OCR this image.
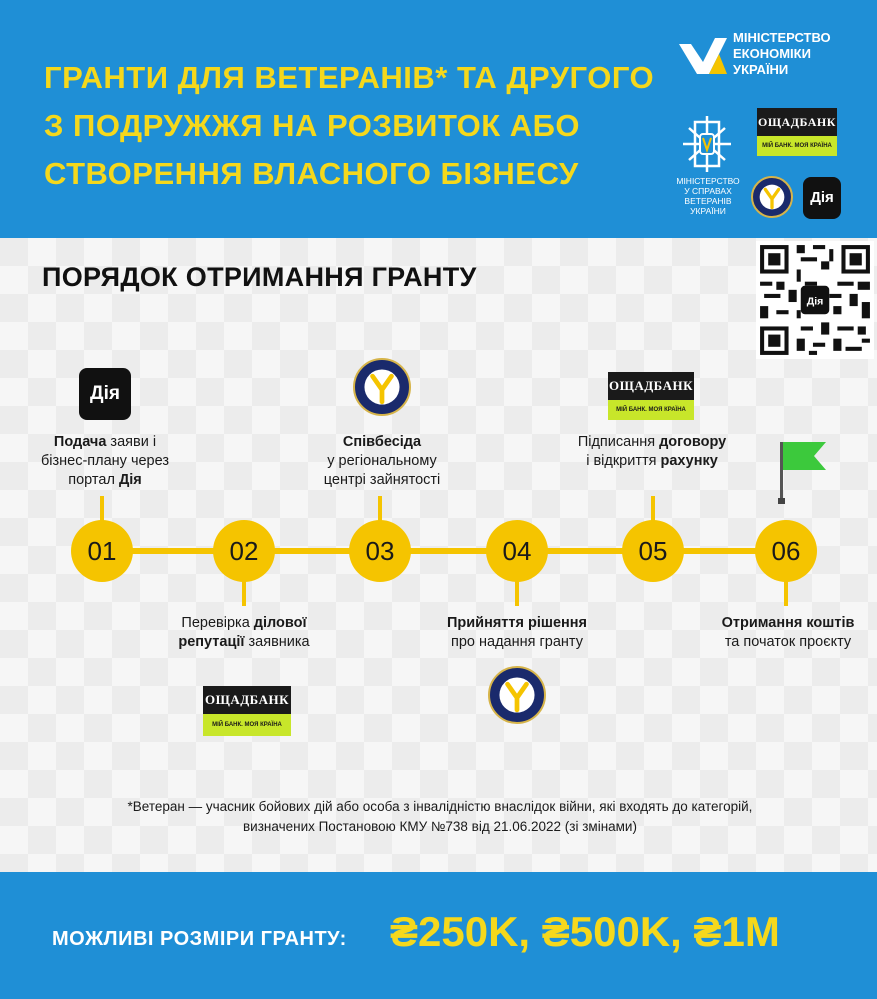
ГРАНТИ ДЛЯ ВЕТЕРАНІВ* ТА ДРУГОГО
З ПОДРУЖЖЯ НА РОЗВИТОК АБО
СТВОРЕННЯ ВЛАСНОГО БІЗНЕСУ
МІНІСТЕРСТВО
ЕКОНОМІКИ
УКРАЇНИ
МІНІСТЕРСТВО
У СПРАВАХ
ВЕТЕРАНІВ
УКРАЇНИ
ОЩАДБАНК
МІЙ БАНК. МОЯ КРАЇНА
Дія
ПОРЯДОК ОТРИМАННЯ ГРАНТУ
Дія
01	02	03	04	05	06
Дія	ОЩАДБАНК
МІЙ БАНК. МОЯ КРАЇНА
ОЩАДБАНК
МІЙ БАНК. МОЯ КРАЇНА
Подача заяви і
бізнес-плану через
портал Дія
Перевірка ділової
репутації заявника
Співбесіда
у регіональному
центрі зайнятості
Прийняття рішення
про надання гранту
Підписання договору
і відкриття рахунку
Отримання коштів
та початок проєкту
*Ветеран — учасник бойових дій або особа з інвалідністю внаслідок війни, які входять до категорій,
визначених Постановою КМУ №738 від 21.06.2022 (зі змінами)
МОЖЛИВІ РОЗМІРИ ГРАНТУ: ₴250K, ₴500K, ₴1M
